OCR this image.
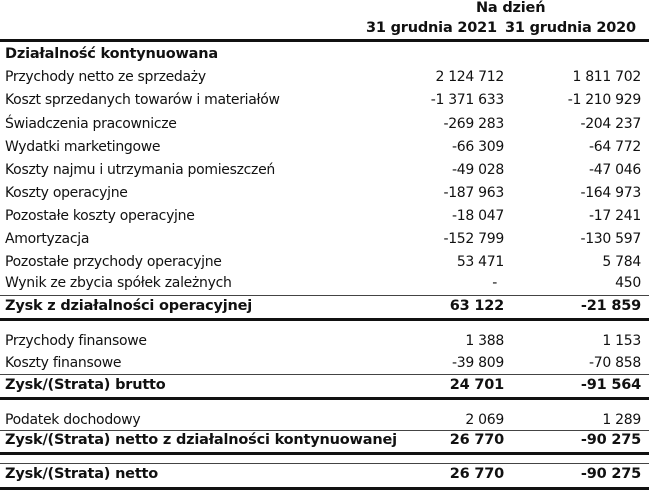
Na dzień
31 grudnia 2021 31 grudnia 2020
Działalność kontynuowana
Przychody netto ze sprzedaży	2 124 712	1 811 702
Koszt sprzedanych towarów i materiałów	-1 371 633	-1 210 929
Świadczenia pracownicze	-269 283	-204 237
Wydatki marketingowe	-66 309	-64 772
Koszty najmu i utrzymania pomieszczeń	-49 028	-47 046
Koszty operacyjne	-187 963	-164 973
Pozostałe koszty operacyjne	-18 047	-17 241
Amortyzacja	-152 799	-130 597
Pozostałe przychody operacyjne	53 471	5 784
Wynik ze zbycia spółek zależnych	-	450
Zysk z działalności operacyjnej	63 122	-21 859
Przychody finansowe	1 388	1 153
Koszty finansowe	-39 809	-70 858
Zysk/(Strata) brutto	24 701	-91 564
Podatek dochodowy	2 069	1 289
Zysk/(Strata) netto z działalności kontynuowanej	26 770	-90 275
Zysk/(Strata) netto	26 770	-90 275
